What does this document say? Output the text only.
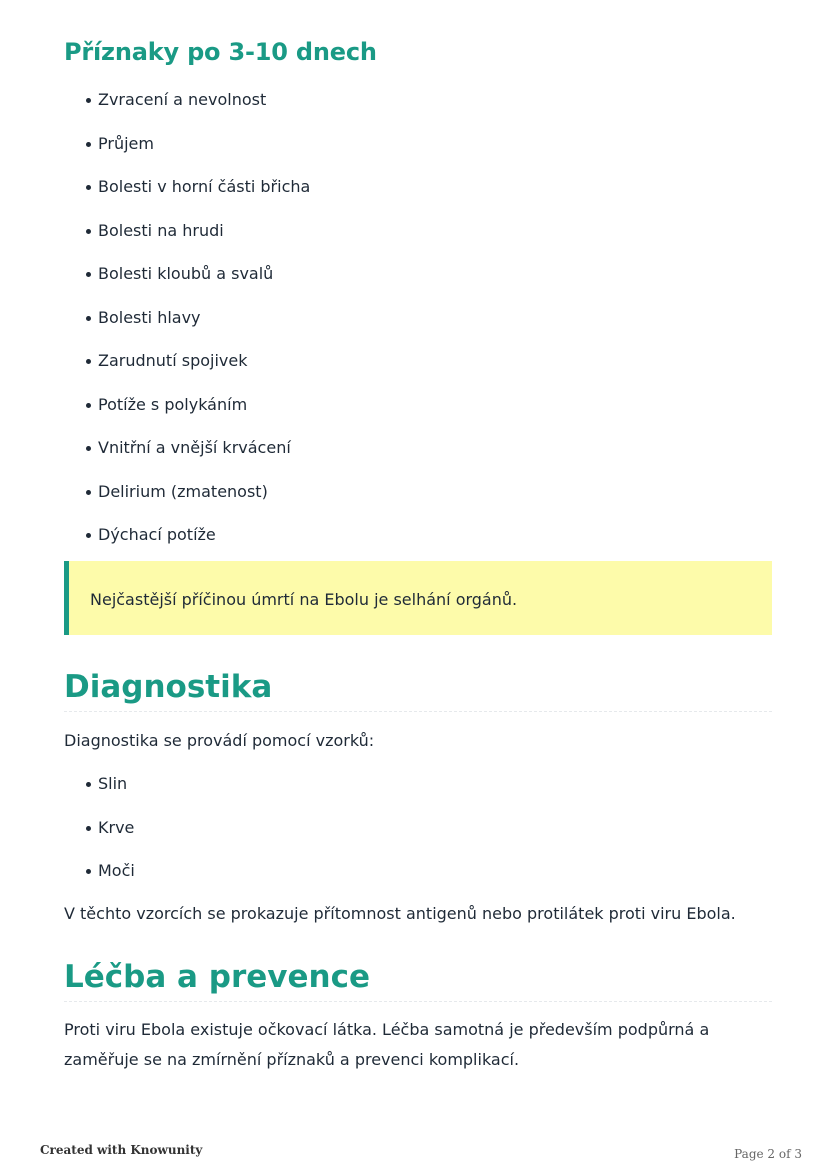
Příznaky po 3-10 dnech
Zvracení a nevolnost
Průjem
Bolesti v horní části břicha
Bolesti na hrudi
Bolesti kloubů a svalů
Bolesti hlavy
Zarudnutí spojivek
Potíže s polykáním
Vnitřní a vnější krvácení
Delirium (zmatenost)
Dýchací potíže
Nejčastější příčinou úmrtí na Ebolu je selhání orgánů.
Diagnostika

Diagnostika se provádí pomocí vzorků:

Slin
Krve
Moči

V těchto vzorcích se prokazuje přítomnost antigenů nebo protilátek proti viru Ebola.

Léčba a prevence

Proti viru Ebola existuje očkovací látka. Léčba samotná je především podpůrná a zaměřuje se na zmírnění příznaků a prevenci komplikací.

Created with Knowunity	Page 2 of 3
